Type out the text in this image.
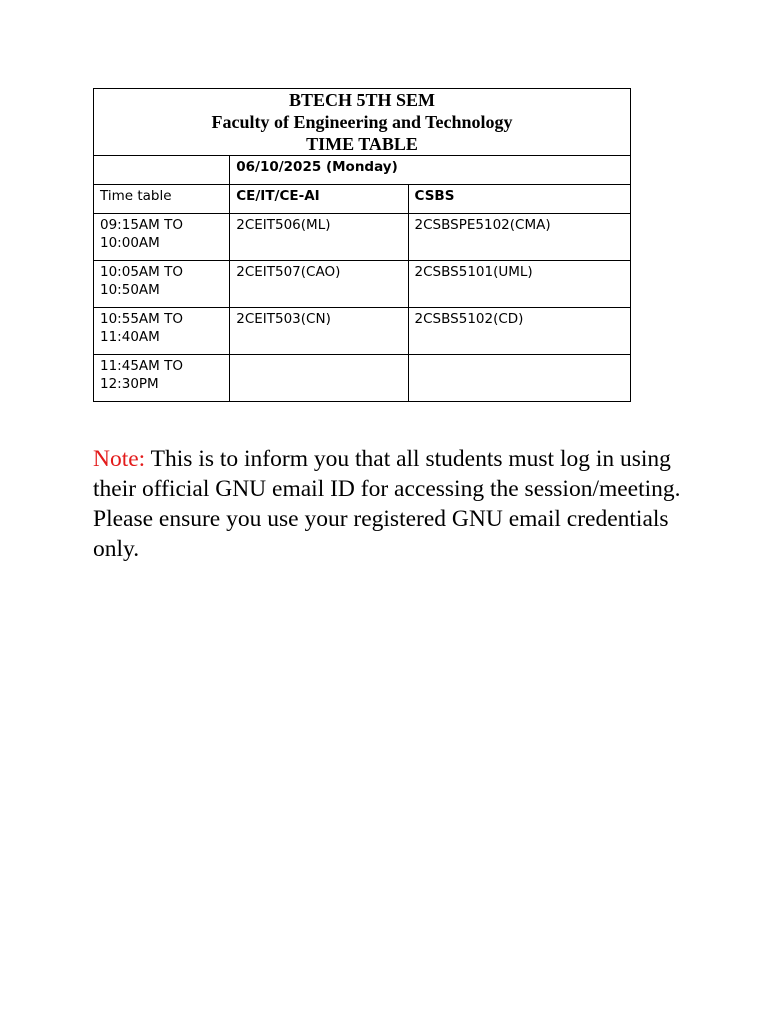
BTECH 5TH SEM
Faculty of Engineering and Technology
TIME TABLE		

	06/10/2025 (Monday)	
Time table	CE/IT/CE-AI	CSBS

09:15AM TO
10:00AM	2CEIT506(ML)	2CSBSPE5102(CMA)

10:05AM TO
10:50AM	2CEIT507(CAO)	2CSBS5101(UML)

10:55AM TO
11:40AM	2CEIT503(CN)	2CSBS5102(CD)

11:45AM TO
12:30PM		

Note: This is to inform you that all students must log in using their official GNU email ID for accessing the session/meeting. Please ensure you use your registered GNU email credentials only.
